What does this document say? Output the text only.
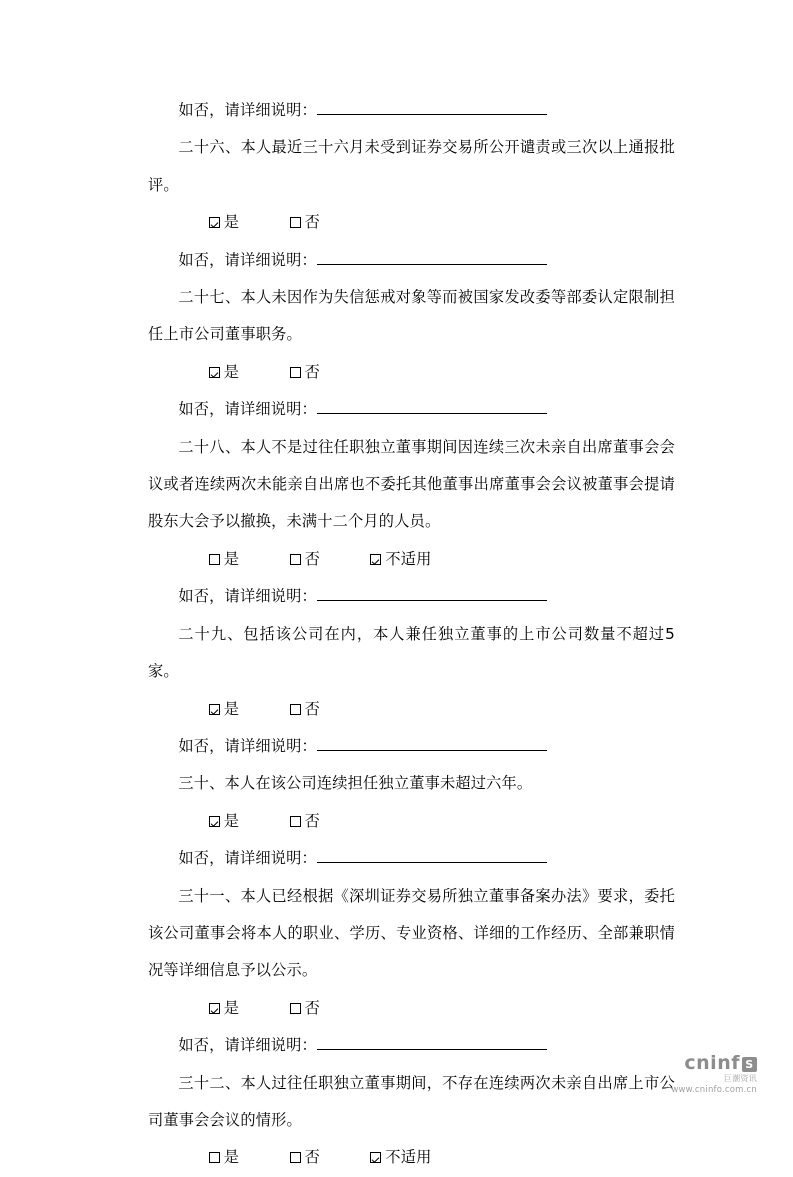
如否，请详细说明：

二十六、本人最近三十六月未受到证券交易所公开谴责或三次以上通报批评。

是	否

如否，请详细说明：

二十七、本人未因作为失信惩戒对象等而被国家发改委等部委认定限制担任上市公司董事职务。

是	否

如否，请详细说明：

二十八、本人不是过往任职独立董事期间因连续三次未亲自出席董事会会议或者连续两次未能亲自出席也不委托其他董事出席董事会会议被董事会提请股东大会予以撤换，未满十二个月的人员。

是	否	不适用

如否，请详细说明：

二十九、包括该公司在内，本人兼任独立董事的上市公司数量不超过5 家。

是	否

如否，请详细说明：

三十、本人在该公司连续担任独立董事未超过六年。

是	否

如否，请详细说明：

三十一、本人已经根据《深圳证券交易所独立董事备案办法》要求，委托该公司董事会将本人的职业、学历、专业资格、详细的工作经历、全部兼职情况等详细信息予以公示。

是	否

如否，请详细说明：

三十二、本人过往任职独立董事期间，不存在连续两次未亲自出席上市公司董事会会议的情形。

是	否	不适用

cninf S
巨潮资讯
www.cninfo.com.cn
